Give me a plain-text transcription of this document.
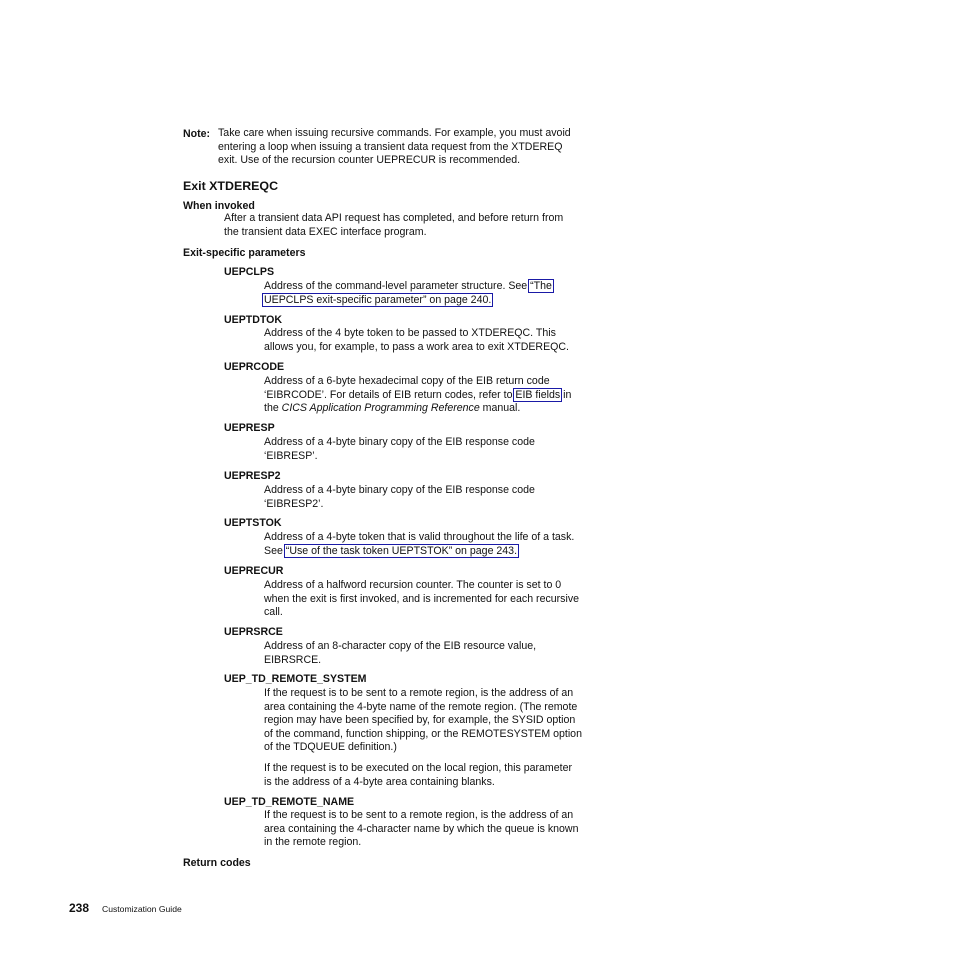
Note: Take care when issuing recursive commands. For example, you must avoid
entering a loop when issuing a transient data request from the XTDEREQ
exit. Use of the recursion counter UEPRECUR is recommended.
Exit XTDEREQC
When invoked
After a transient data API request has completed, and before return from
the transient data EXEC interface program.
Exit-specific parameters
UEPCLPS

Address of the command-level parameter structure. See “The

UEPCLPS exit-specific parameter” on page 240.

UEPTDTOK

Address of the 4 byte token to be passed to XTDEREQC. This

allows you, for example, to pass a work area to exit XTDEREQC.

UEPRCODE

Address of a 6-byte hexadecimal copy of the EIB return code

‘EIBRCODE’. For details of EIB return codes, refer to EIB fields in

the CICS Application Programming Reference manual.

UEPRESP

Address of a 4-byte binary copy of the EIB response code

‘EIBRESP’.

UEPRESP2

Address of a 4-byte binary copy of the EIB response code

‘EIBRESP2’.

UEPTSTOK

Address of a 4-byte token that is valid throughout the life of a task.

See “Use of the task token UEPTSTOK” on page 243.

UEPRECUR

Address of a halfword recursion counter. The counter is set to 0

when the exit is first invoked, and is incremented for each recursive

call.

UEPRSRCE

Address of an 8-character copy of the EIB resource value,

EIBRSRCE.

UEP_TD_REMOTE_SYSTEM

If the request is to be sent to a remote region, is the address of an

area containing the 4-byte name of the remote region. (The remote

region may have been specified by, for example, the SYSID option

of the command, function shipping, or the REMOTESYSTEM option

of the TDQUEUE definition.)

If the request is to be executed on the local region, this parameter

is the address of a 4-byte area containing blanks.

UEP_TD_REMOTE_NAME

If the request is to be sent to a remote region, is the address of an

area containing the 4-character name by which the queue is known

in the remote region.

Return codes
238 Customization Guide
